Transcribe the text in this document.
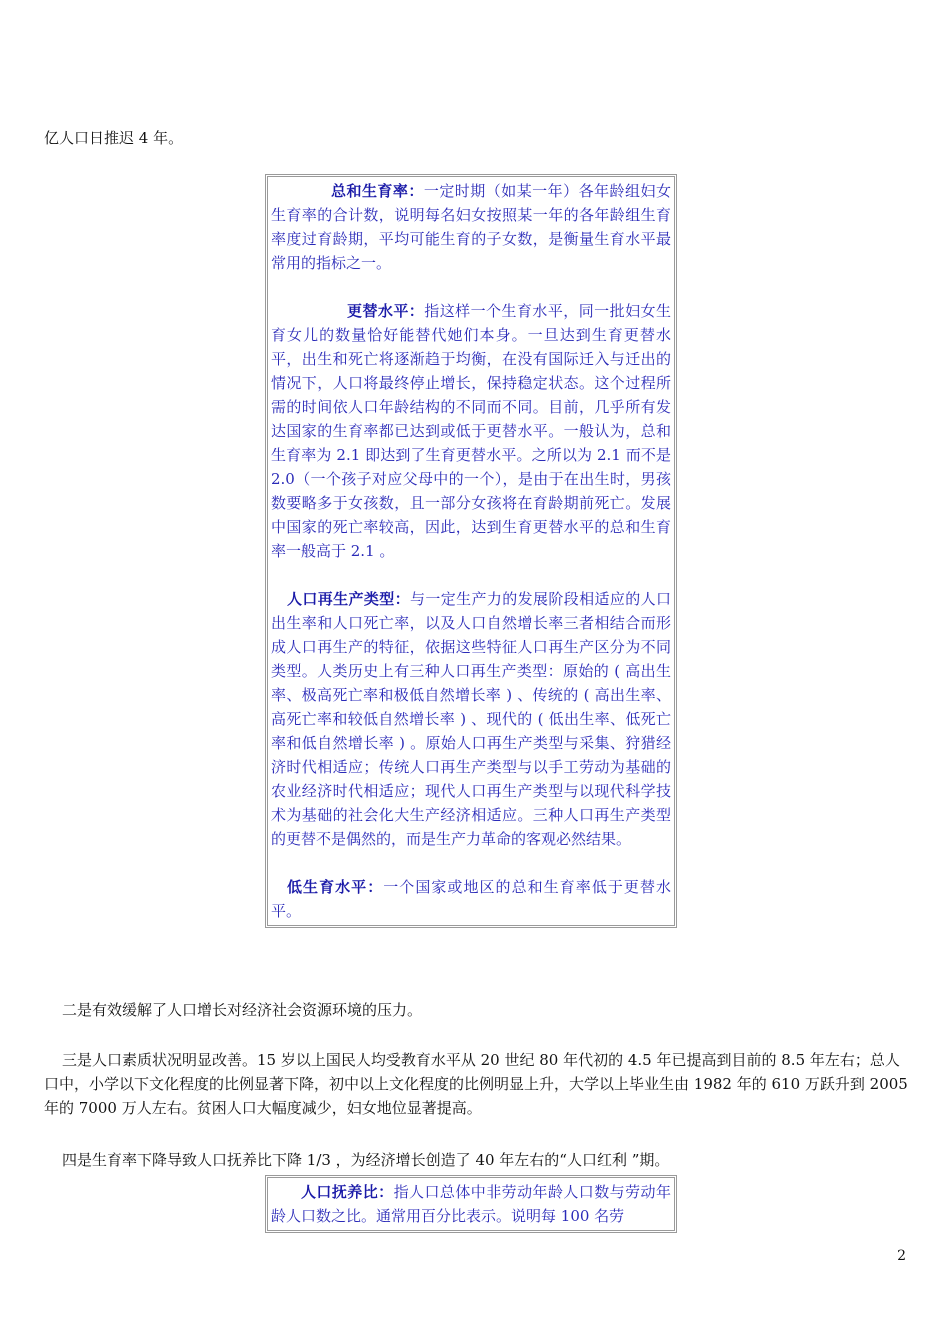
亿人口日推迟 4 年。

总和生育率：一定时期（如某一年）各年龄组妇女生育率的合计数，说明每名妇女按照某一年的各年龄组生育率度过育龄期，平均可能生育的子女数，是衡量生育水平最常用的指标之一。

更替水平：指这样一个生育水平，同一批妇女生育女儿的数量恰好能替代她们本身。一旦达到生育更替水平，出生和死亡将逐渐趋于均衡，在没有国际迁入与迁出的情况下，人口将最终停止增长，保持稳定状态。这个过程所需的时间依人口年龄结构的不同而不同。目前，几乎所有发达国家的生育率都已达到或低于更替水平。一般认为，总和生育率为 2.1 即达到了生育更替水平。之所以为 2.1 而不是 2.0（一个孩子对应父母中的一个），是由于在出生时，男孩数要略多于女孩数，且一部分女孩将在育龄期前死亡。发展中国家的死亡率较高，因此，达到生育更替水平的总和生育率一般高于 2.1 。

人口再生产类型：与一定生产力的发展阶段相适应的人口出生率和人口死亡率，以及人口自然增长率三者相结合而形成人口再生产的特征，依据这些特征人口再生产区分为不同类型。人类历史上有三种人口再生产类型：原始的 ( 高出生率、极高死亡率和极低自然增长率 ) 、传统的 ( 高出生率、高死亡率和较低自然增长率 ) 、现代的 ( 低出生率、低死亡率和低自然增长率 ) 。原始人口再生产类型与采集、狩猎经济时代相适应；传统人口再生产类型与以手工劳动为基础的农业经济时代相适应；现代人口再生产类型与以现代科学技术为基础的社会化大生产经济相适应。三种人口再生产类型的更替不是偶然的，而是生产力革命的客观必然结果。

低生育水平：一个国家或地区的总和生育率低于更替水平。

二是有效缓解了人口增长对经济社会资源环境的压力。

三是人口素质状况明显改善。15 岁以上国民人均受教育水平从 20 世纪 80 年代初的 4.5 年已提高到目前的 8.5 年左右；总人口中，小学以下文化程度的比例显著下降，初中以上文化程度的比例明显上升，大学以上毕业生由 1982 年的 610 万跃升到 2005 年的 7000 万人左右。贫困人口大幅度减少，妇女地位显著提高。

四是生育率下降导致人口抚养比下降 1/3 ，为经济增长创造了 40 年左右的“人口红利 ”期。

人口抚养比：指人口总体中非劳动年龄人口数与劳动年龄人口数之比。通常用百分比表示。说明每 100 名劳

2
